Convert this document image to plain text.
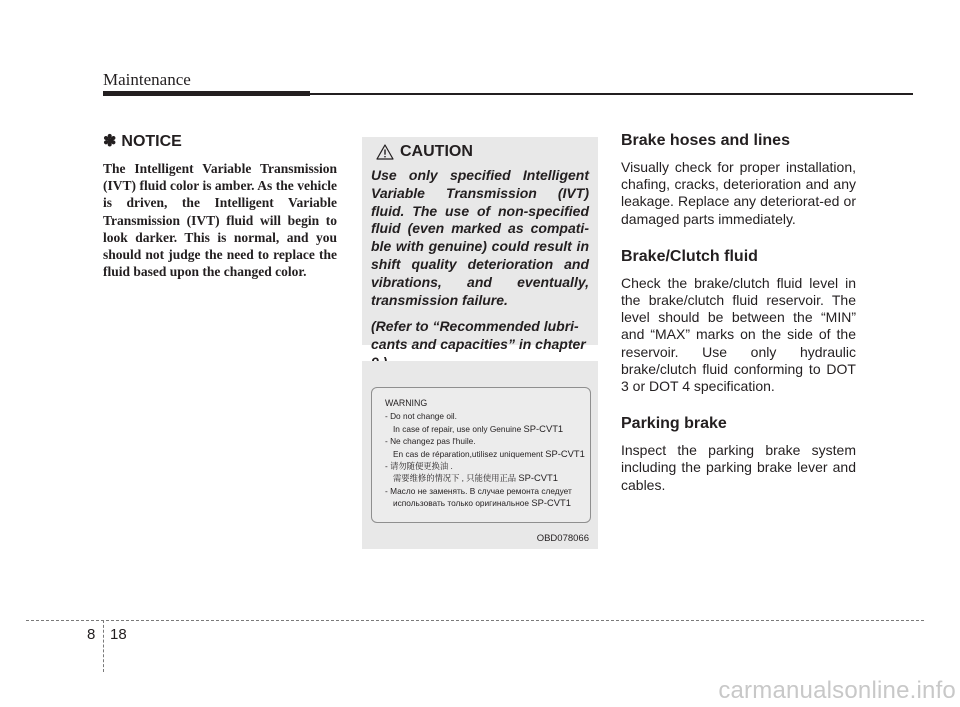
Maintenance
✽ NOTICE

The Intelligent Variable Transmission (IVT) fluid color is amber. As the vehicle is driven, the Intelligent Variable Transmission (IVT) fluid will begin to look darker. This is normal, and you should not judge the need to replace the fluid based upon the changed color.

CAUTION

Use only specified Intelligent Variable Transmission (IVT) fluid. The use of non-specified fluid (even marked as compati-ble with genuine) could result in shift quality deterioration and vibrations, and eventually, transmission failure.

(Refer to “Recommended lubri-cants and capacities” in chapter

WARNING
- Do not change oil.
In case of repair, use only Genuine SP-CVT1
- Ne changez pas l'huile.
En cas de réparation,utilisez uniquement SP-CVT1
- 请勿随便更换油 .
需要维修的情况下 , 只能使用正品 SP-CVT1
- Масло не заменять. В случае ремонта следует
использовать только оригинальное SP-CVT1
OBD078066
Brake hoses and lines

Visually check for proper installation, chafing, cracks, deterioration and any leakage. Replace any deteriorat-ed or damaged parts immediately.

Brake/Clutch fluid

Check the brake/clutch fluid level in the brake/clutch fluid reservoir. The level should be between the “MIN” and “MAX” marks on the side of the reservoir. Use only hydraulic brake/clutch fluid conforming to DOT 3 or DOT 4 specification.

Parking brake

Inspect the parking brake system including the parking brake lever and cables.

8 18
carmanualsonline.info
